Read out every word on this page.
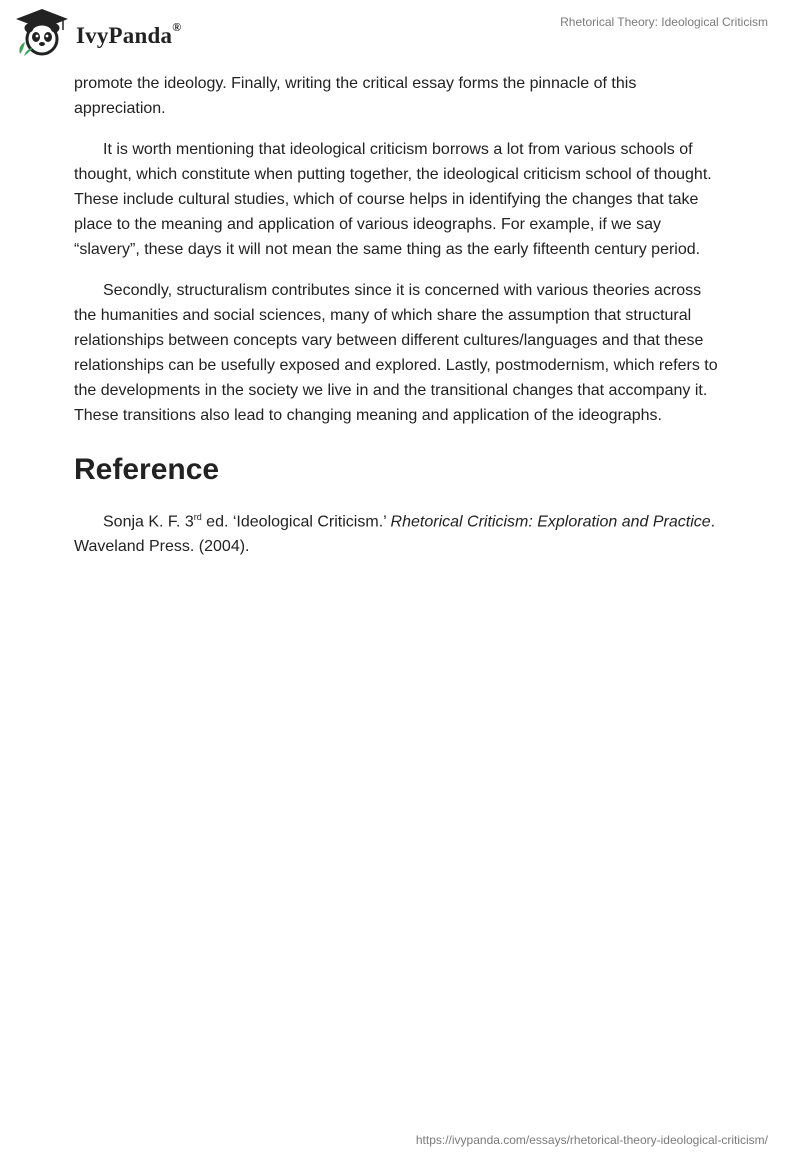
IvyPanda®	Rhetorical Theory: Ideological Criticism

promote the ideology. Finally, writing the critical essay forms the pinnacle of this appreciation.

It is worth mentioning that ideological criticism borrows a lot from various schools of thought, which constitute when putting together, the ideological criticism school of thought. These include cultural studies, which of course helps in identifying the changes that take place to the meaning and application of various ideographs. For example, if we say “slavery”, these days it will not mean the same thing as the early fifteenth century period.

Secondly, structuralism contributes since it is concerned with various theories across the humanities and social sciences, many of which share the assumption that structural relationships between concepts vary between different cultures/languages and that these relationships can be usefully exposed and explored. Lastly, postmodernism, which refers to the developments in the society we live in and the transitional changes that accompany it. These transitions also lead to changing meaning and application of the ideographs.

Reference

Sonja K. F. 3rd ed. ‘Ideological Criticism.’ Rhetorical Criticism: Exploration and Practice. Waveland Press. (2004).

https://ivypanda.com/essays/rhetorical-theory-ideological-criticism/
